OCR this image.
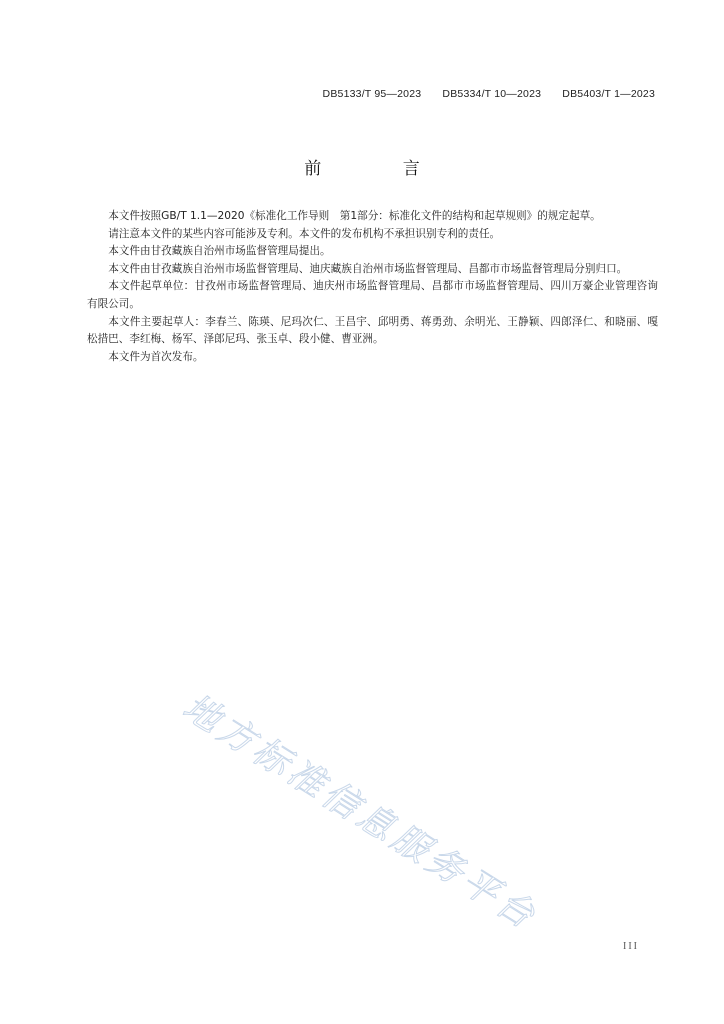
DB5133/T 95—2023 DB5334/T 10—2023 DB5403/T 1—2023
前 言

本文件按照GB/T 1.1—2020《标准化工作导则　第1部分：标准化文件的结构和起草规则》的规定起草。

请注意本文件的某些内容可能涉及专利。本文件的发布机构不承担识别专利的责任。

本文件由甘孜藏族自治州市场监督管理局提出。

本文件由甘孜藏族自治州市场监督管理局、迪庆藏族自治州市场监督管理局、昌都市市场监督管理局分别归口。

本文件起草单位：甘孜州市场监督管理局、迪庆州市场监督管理局、昌都市市场监督管理局、四川万豪企业管理咨询有限公司。

本文件主要起草人：李春兰、陈瑛、尼玛次仁、王昌宇、邱明勇、蒋勇劲、余明光、王静颖、四郎泽仁、和晓丽、嘎松措巴、李红梅、杨军、泽郎尼玛、张玉卓、段小健、曹亚洲。

本文件为首次发布。

地方标准信息服务平台
III
